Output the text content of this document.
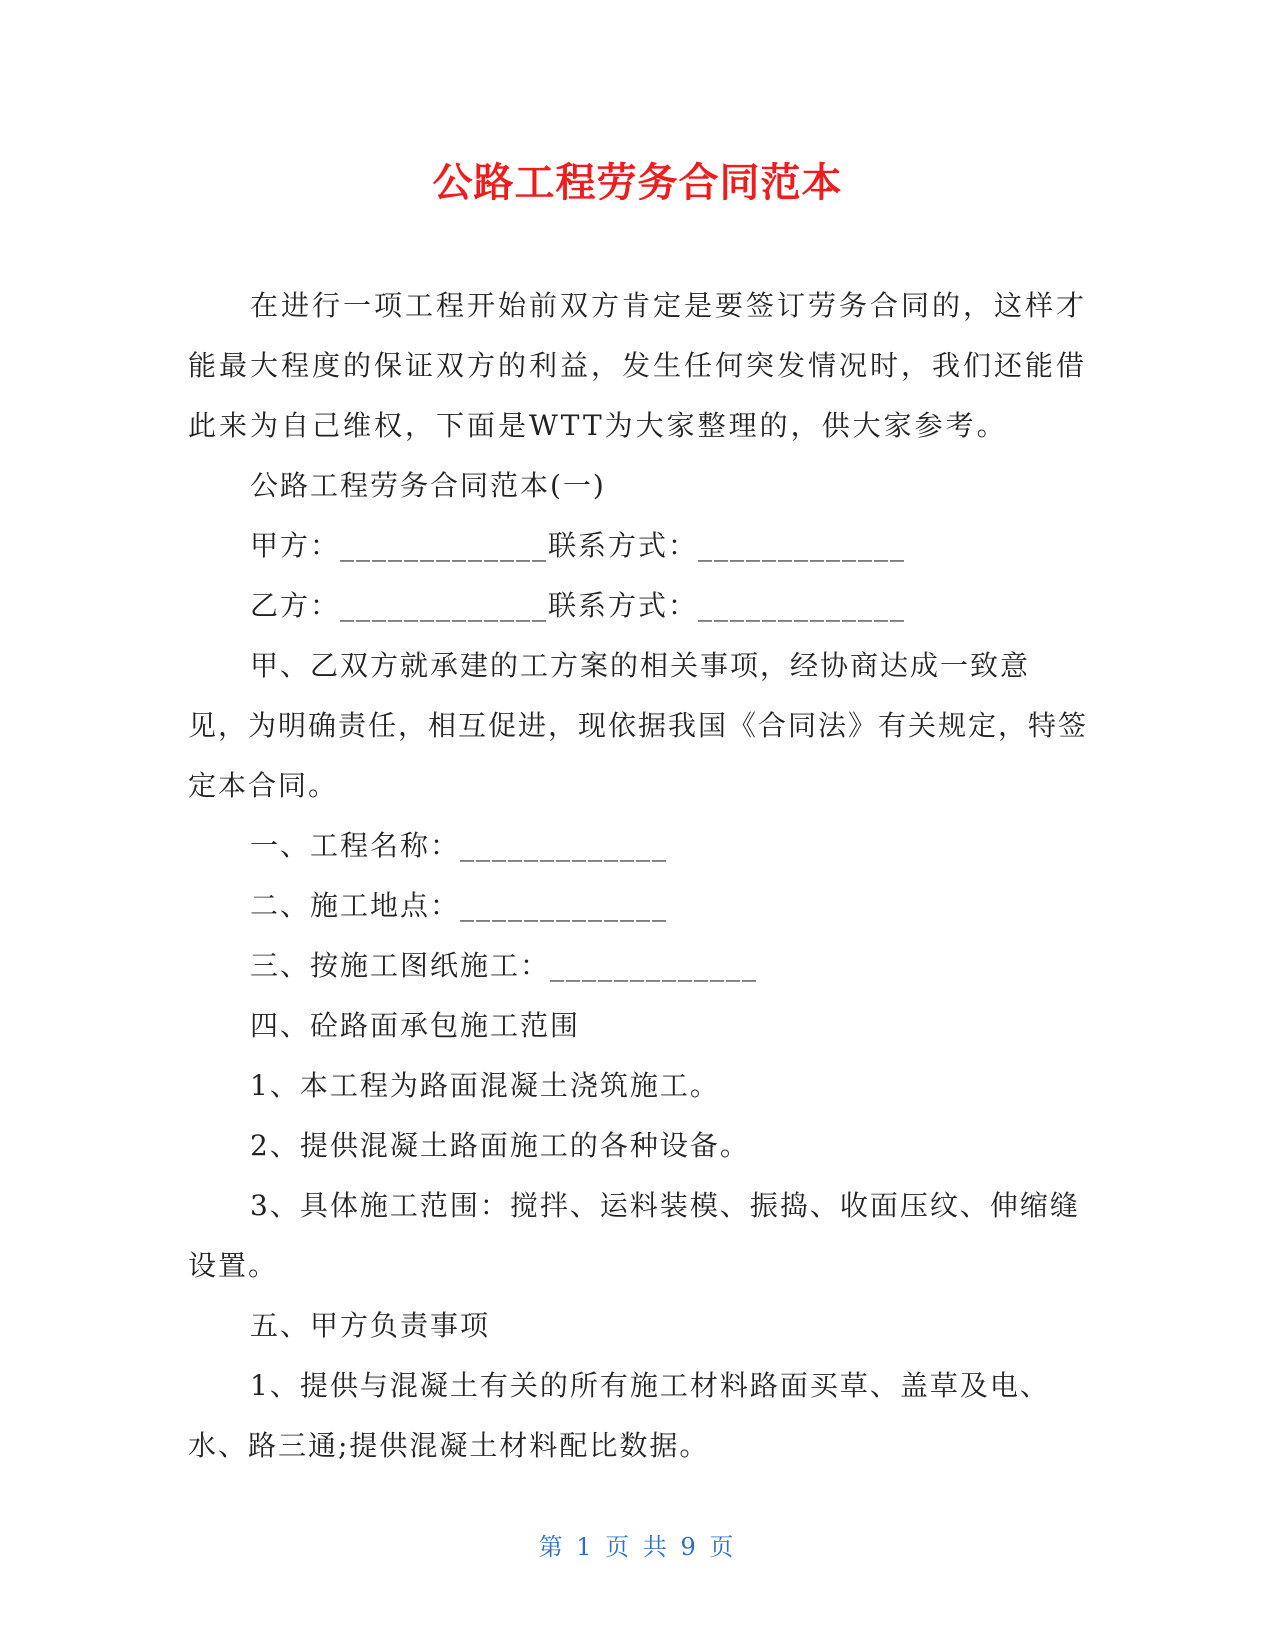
公路工程劳务合同范本

在进行一项工程开始前双方肯定是要签订劳务合同的，这样才能最大程度的保证双方的利益，发生任何突发情况时，我们还能借此来为自己维权，下面是WTT为大家整理的，供大家参考。

公路工程劳务合同范本(一)

甲方：_____________联系方式：_____________

乙方：_____________联系方式：_____________

甲、乙双方就承建的工方案的相关事项，经协商达成一致意见，为明确责任，相互促进，现依据我国《合同法》有关规定，特签定本合同。

一、工程名称：_____________

二、施工地点：_____________

三、按施工图纸施工：_____________

四、砼路面承包施工范围

1、本工程为路面混凝土浇筑施工。

2、提供混凝土路面施工的各种设备。

3、具体施工范围：搅拌、运料装模、振捣、收面压纹、伸缩缝设置。

五、甲方负责事项

1、提供与混凝土有关的所有施工材料路面买草、盖草及电、水、路三通;提供混凝土材料配比数据。

第 1 页 共 9 页
